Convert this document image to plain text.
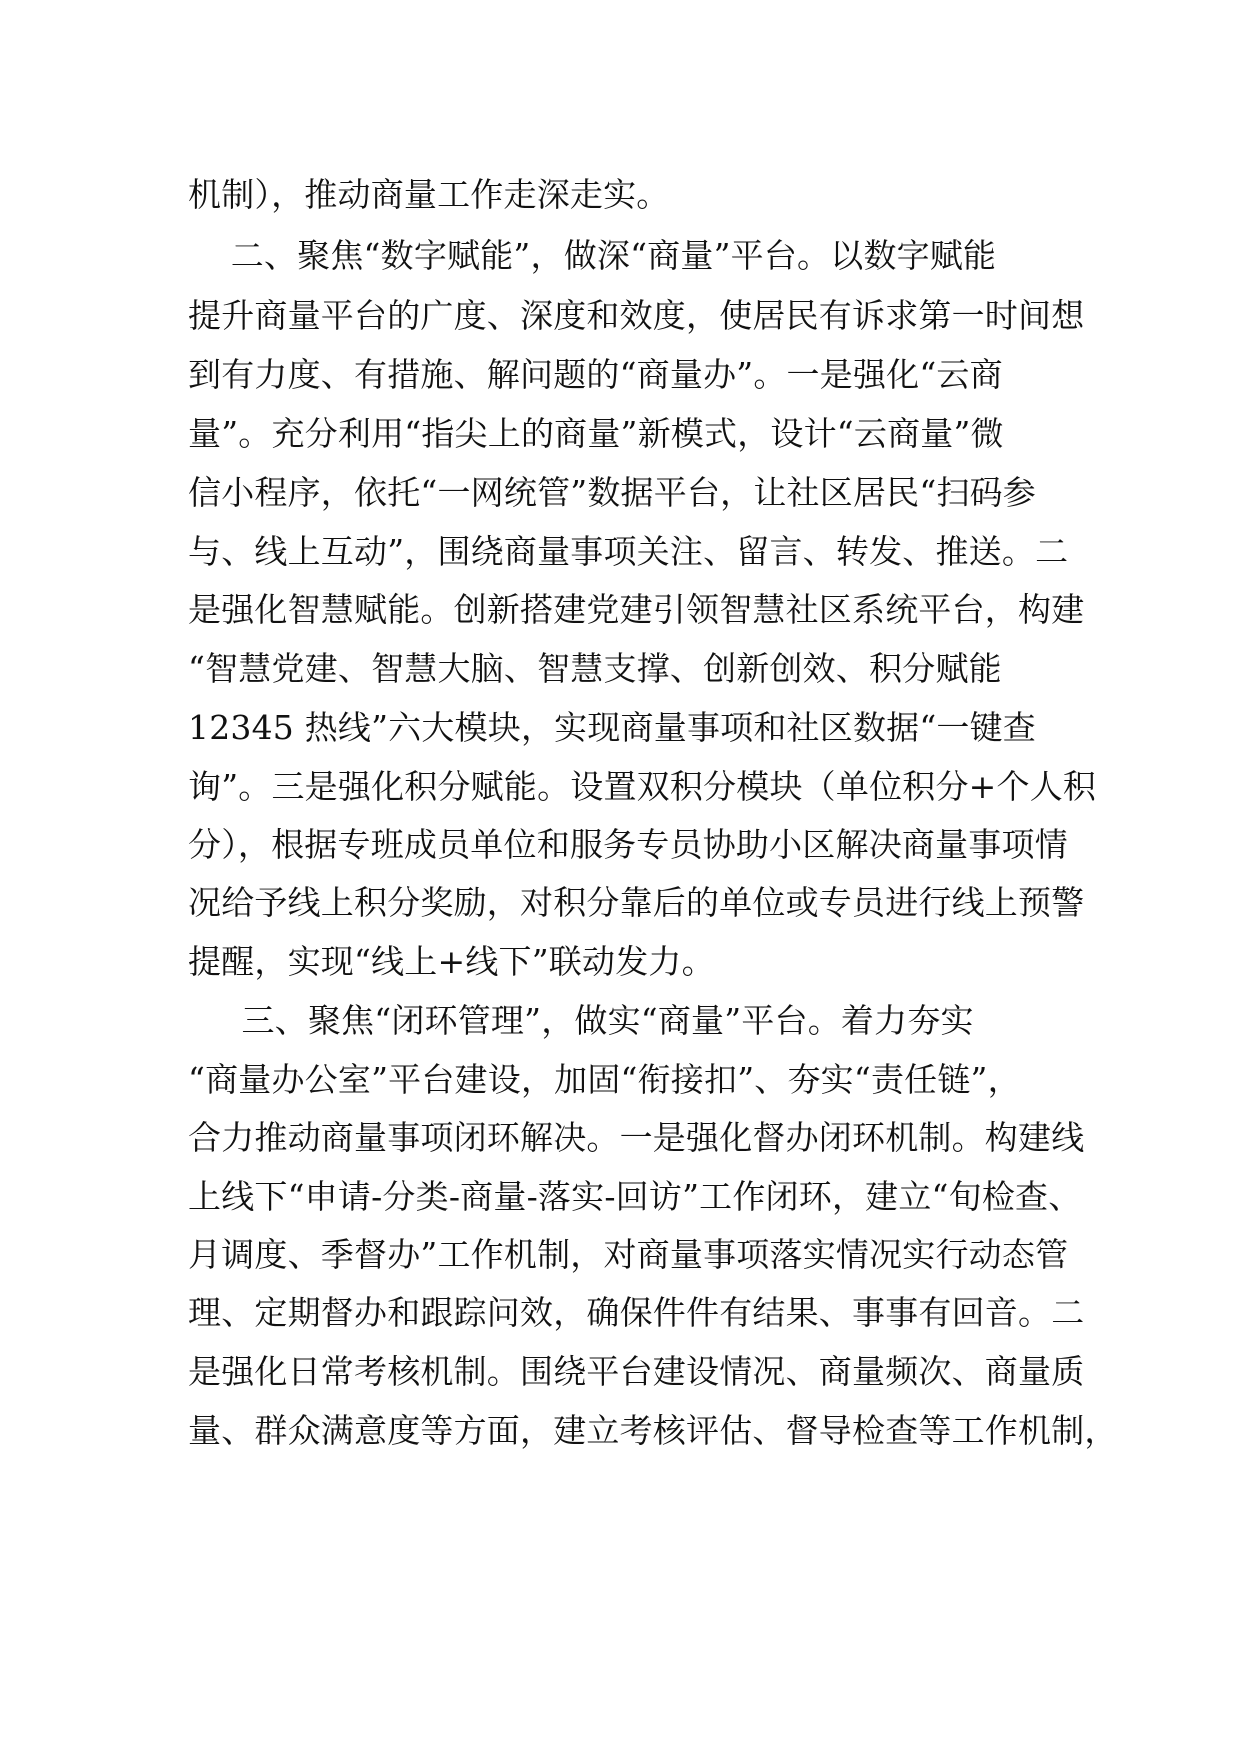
机制），推动商量工作走深走实。
二、聚焦“数字赋能”，做深“商量”平台。以数字赋能
提升商量平台的广度、深度和效度，使居民有诉求第一时间想
到有力度、有措施、解问题的“商量办”。一是强化“云商
量”。充分利用“指尖上的商量”新模式，设计“云商量”微
信小程序，依托“一网统管”数据平台，让社区居民“扫码参
与、线上互动”，围绕商量事项关注、留言、转发、推送。二
是强化智慧赋能。创新搭建党建引领智慧社区系统平台，构建
“智慧党建、智慧大脑、智慧支撑、创新创效、积分赋能
12345 热线”六大模块，实现商量事项和社区数据“一键查
询”。三是强化积分赋能。设置双积分模块（单位积分+个人积
分），根据专班成员单位和服务专员协助小区解决商量事项情
况给予线上积分奖励，对积分靠后的单位或专员进行线上预警
提醒，实现“线上+线下”联动发力。
三、聚焦“闭环管理”，做实“商量”平台。着力夯实
“商量办公室”平台建设，加固“衔接扣”、夯实“责任链”，
合力推动商量事项闭环解决。一是强化督办闭环机制。构建线
上线下“申请-分类-商量-落实-回访”工作闭环，建立“旬检查、
月调度、季督办”工作机制，对商量事项落实情况实行动态管
理、定期督办和跟踪问效，确保件件有结果、事事有回音。二
是强化日常考核机制。围绕平台建设情况、商量频次、商量质
量、群众满意度等方面，建立考核评估、督导检查等工作机制，
